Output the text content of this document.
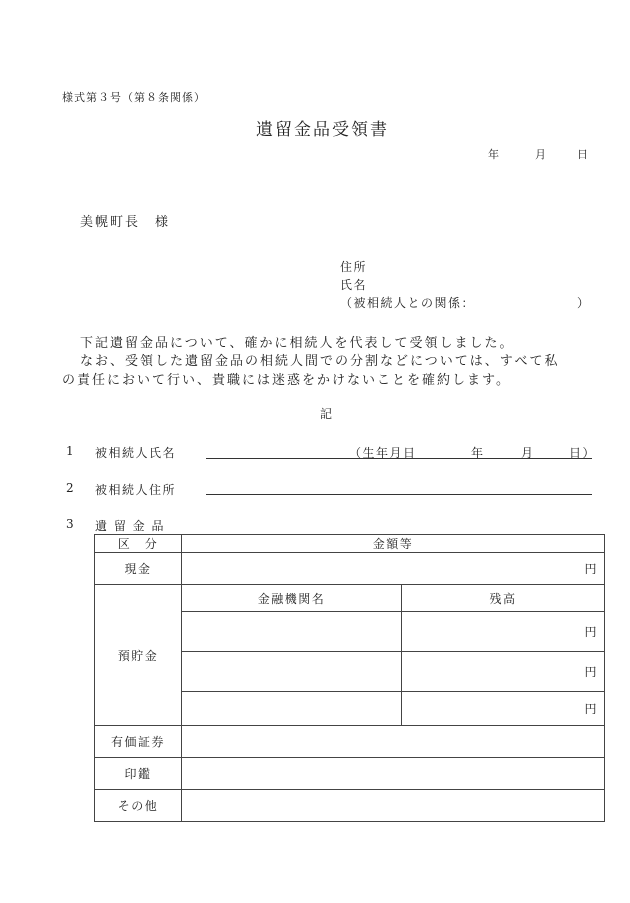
様式第３号（第８条関係）
遺留金品受領書
年	月	日
美幌町長　様
住所
氏名
（被相続人との関係：	）
下記遺留金品について、確かに相続人を代表して受領しました。
なお、受領した遺留金品の相続人間での分割などについては、すべて私
の責任において行い、貴職には迷惑をかけないことを確約します。
記
1 被相続人氏名	（生年月日	年	月	日）
2 被相続人住所
3 遺 留 金 品
区　分	金額等	
現金	円	
預貯金	金融機関名	残高
		円
		円
		円
有価証券		
印鑑		
その他		
